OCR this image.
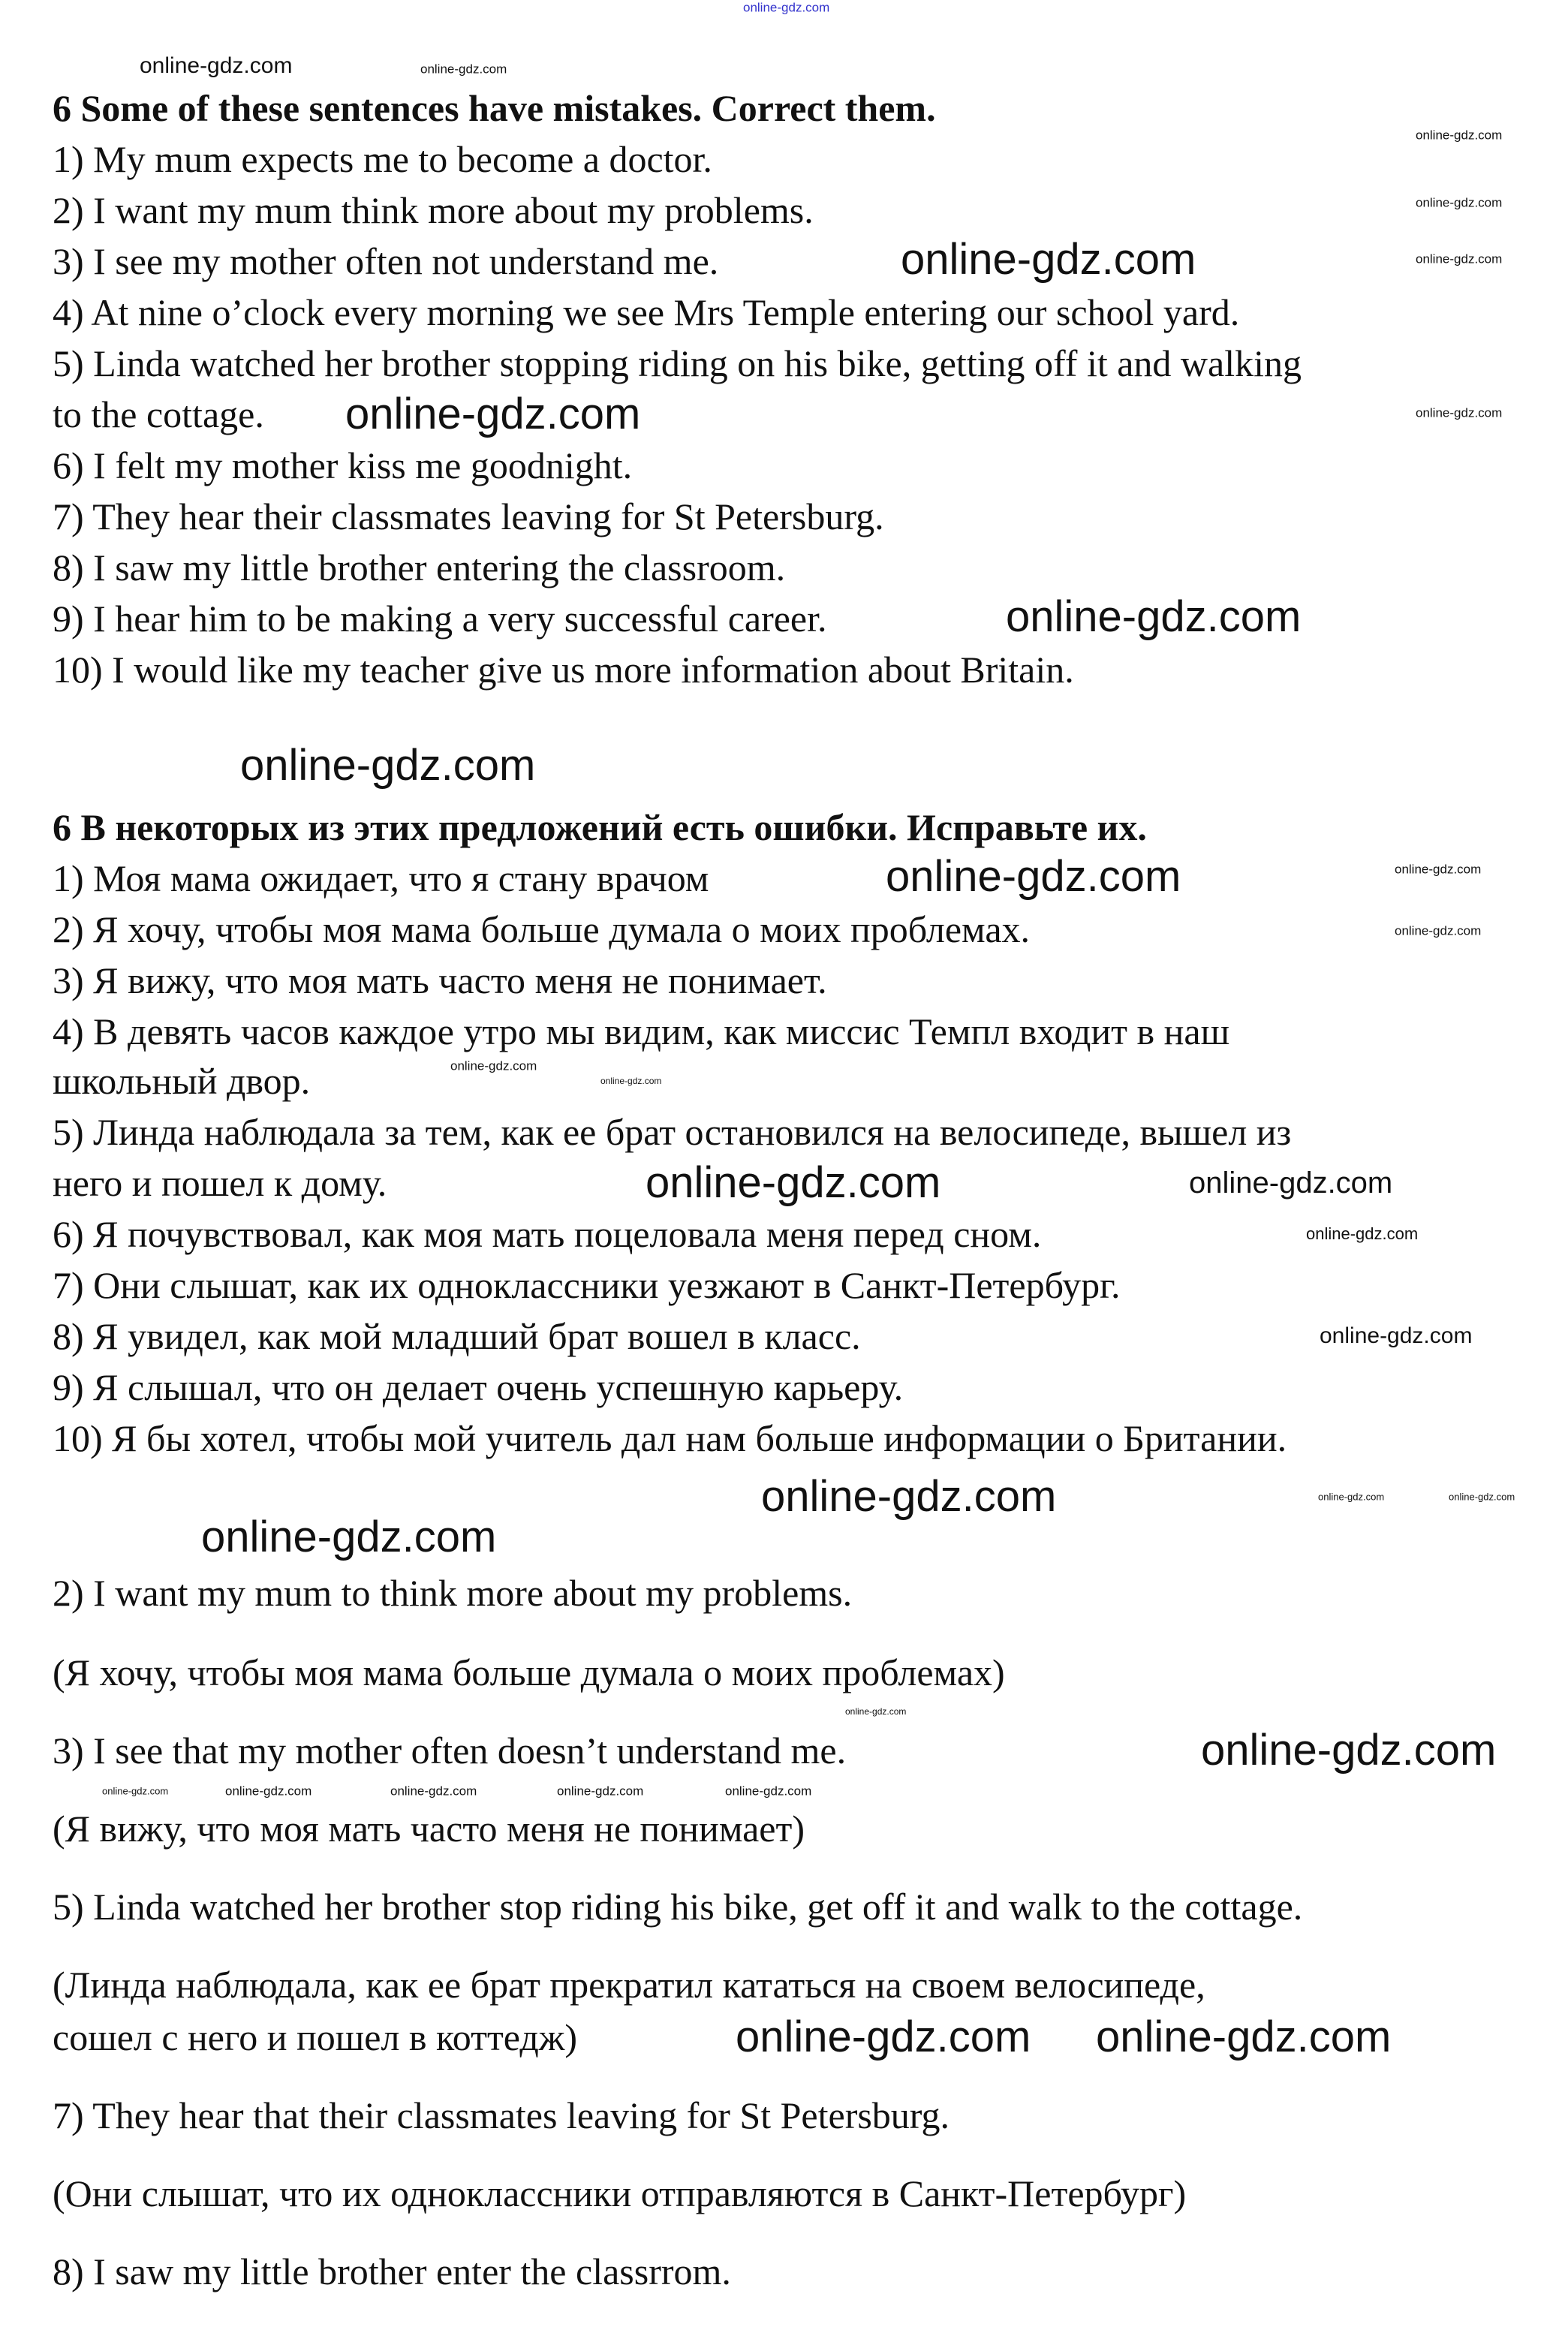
6 Some of these sentences have mistakes. Correct them.
1) My mum expects me to become a doctor.
2) I want my mum think more about my problems.
3) I see my mother often not understand me.
4) At nine o’clock every morning we see Mrs Temple entering our school yard.
5) Linda watched her brother stopping riding on his bike, getting off it and walking
to the cottage.
6) I felt my mother kiss me goodnight.
7) They hear their classmates leaving for St Petersburg.
8) I saw my little brother entering the classroom.
9) I hear him to be making a very successful career.
10) I would like my teacher give us more information about Britain.
6 В некоторых из этих предложений есть ошибки. Исправьте их.
1) Моя мама ожидает, что я стану врачом
2) Я хочу, чтобы моя мама больше думала о моих проблемах.
3) Я вижу, что моя мать часто меня не понимает.
4) В девять часов каждое утро мы видим, как миссис Темпл входит в наш
школьный двор.
5) Линда наблюдала за тем, как ее брат остановился на велосипеде, вышел из
него и пошел к дому.
6) Я почувствовал, как моя мать поцеловала меня перед сном.
7) Они слышат, как их одноклассники уезжают в Санкт-Петербург.
8) Я увидел, как мой младший брат вошел в класс.
9) Я слышал, что он делает очень успешную карьеру.
10) Я бы хотел, чтобы мой учитель дал нам больше информации о Британии.
2) I want my mum to think more about my problems.
(Я хочу, чтобы моя мама больше думала о моих проблемах)
3) I see that my mother often doesn’t understand me.
(Я вижу, что моя мать часто меня не понимает)
5) Linda watched her brother stop riding his bike, get off it and walk to the cottage.
(Линда наблюдала, как ее брат прекратил кататься на своем велосипеде,
сошел с него и пошел в коттедж)
7) They hear that their classmates leaving for St Petersburg.
(Они слышат, что их одноклассники отправляются в Санкт-Петербург)
8) I saw my little brother enter the classrrom.
online-gdz.com
online-gdz.com	online-gdz.com
online-gdz.com
online-gdz.com
online-gdz.com
online-gdz.com
online-gdz.com
online-gdz.com
online-gdz.com
online-gdz.com
online-gdz.com	online-gdz.com
online-gdz.com
online-gdz.com
online-gdz.com
online-gdz.com	online-gdz.com
online-gdz.com
online-gdz.com
online-gdz.com	online-gdz.com	online-gdz.com
online-gdz.com
online-gdz.com
online-gdz.com
online-gdz.com	online-gdz.com	online-gdz.com	online-gdz.com	online-gdz.com
online-gdz.com
online-gdz.com
